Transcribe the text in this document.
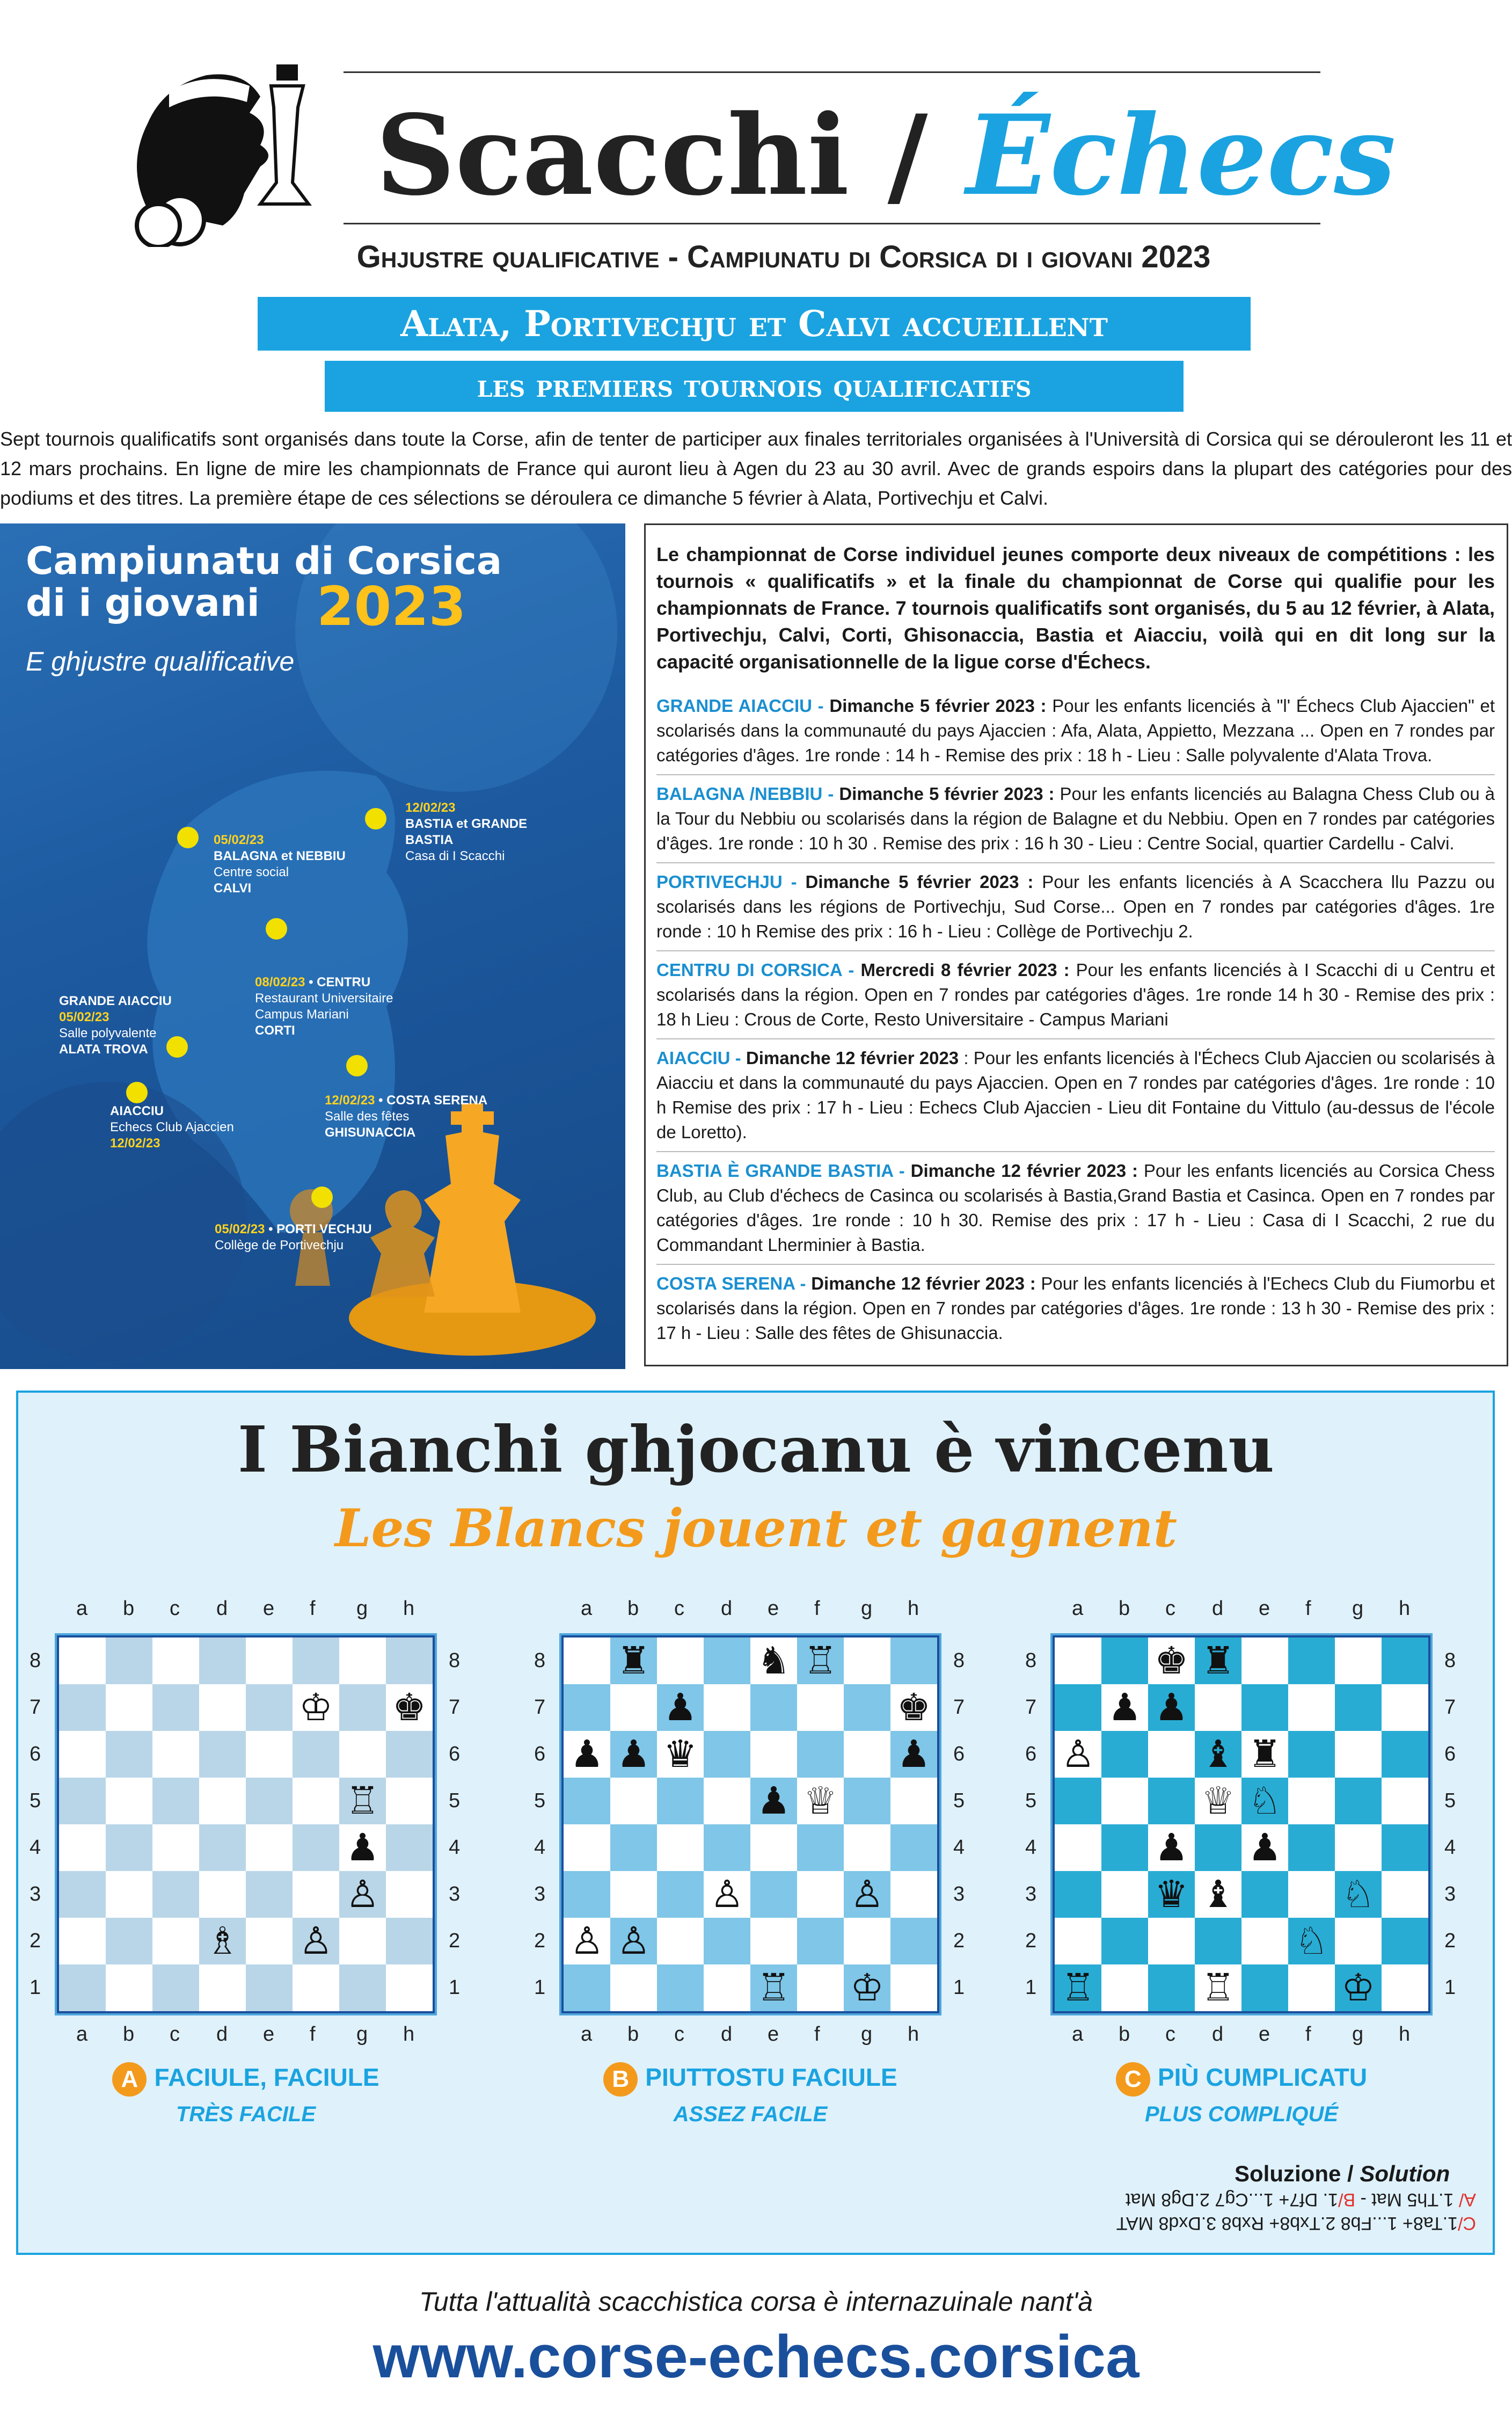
Scacchi / Échecs
Ghjustre qualificative - Campiunatu di Corsica di i giovani 2023
Alata, Portivechju et Calvi accueillent
les premiers tournois qualificatifs
Sept tournois qualificatifs sont organisés dans toute la Corse, afin de tenter de participer aux finales territoriales organisées à l'Università di Corsica qui se dérouleront les 11 et 12 mars prochains. En ligne de mire les championnats de France qui auront lieu à Agen du 23 au 30 avril. Avec de grands espoirs dans la plupart des catégories pour des podiums et des titres. La première étape de ces sélections se déroulera ce dimanche 5 février à Alata, Portivechju et Calvi.
Campiunatu di Corsica
di i giovani 2023
E ghjustre qualificative
12/02/23
BASTIA et GRANDE BASTIA
Casa di I Scacchi
05/02/23
BALAGNA et NEBBIU
Centre social
CALVI
08/02/23 • CENTRU
Restaurant Universitaire
Campus Mariani
CORTI
GRANDE AIACCIU
05/02/23
Salle polyvalente
ALATA TROVA
12/02/23 • COSTA SERENA
Salle des fêtes
GHISUNACCIA
AIACCIU
Echecs Club Ajaccien
12/02/23
05/02/23 • PORTI VECHJU
Collège de Portivechju
Le championnat de Corse individuel jeunes comporte deux niveaux de compétitions : les tournois « qualificatifs » et la finale du championnat de Corse qui qualifie pour les championnats de France. 7 tournois qualificatifs sont organisés, du 5 au 12 février, à Alata, Portivechju, Calvi, Corti, Ghisonaccia, Bastia et Aiacciu, voilà qui en dit long sur la capacité organisationnelle de la ligue corse d'Échecs.
GRANDE AIACCIU - Dimanche 5 février 2023 : Pour les enfants licenciés à "l' Échecs Club Ajaccien" et scolarisés dans la communauté du pays Ajaccien : Afa, Alata, Appietto, Mezzana ... Open en 7 rondes par catégories d'âges. 1re ronde : 14 h - Remise des prix : 18 h - Lieu : Salle polyvalente d'Alata Trova.
BALAGNA /NEBBIU - Dimanche 5 février 2023 : Pour les enfants licenciés au Balagna Chess Club ou à la Tour du Nebbiu ou scolarisés dans la région de Balagne et du Nebbiu. Open en 7 rondes par catégories d'âges. 1re ronde : 10 h 30 . Remise des prix : 16 h 30 - Lieu : Centre Social, quartier Cardellu - Calvi.
PORTIVECHJU - Dimanche 5 février 2023 : Pour les enfants licenciés à A Scacchera llu Pazzu ou scolarisés dans les régions de Portivechju, Sud Corse... Open en 7 rondes par catégories d'âges. 1re ronde : 10 h Remise des prix : 16 h - Lieu : Collège de Portivechju 2.
CENTRU DI CORSICA - Mercredi 8 février 2023 : Pour les enfants licenciés à I Scacchi di u Centru et scolarisés dans la région. Open en 7 rondes par catégories d'âges. 1re ronde 14 h 30 - Remise des prix : 18 h Lieu : Crous de Corte, Resto Universitaire - Campus Mariani
AIACCIU - Dimanche 12 février 2023 : Pour les enfants licenciés à l'Échecs Club Ajaccien ou scolarisés à Aiacciu et dans la communauté du pays Ajaccien. Open en 7 rondes par catégories d'âges. 1re ronde : 10 h Remise des prix : 17 h - Lieu : Echecs Club Ajaccien - Lieu dit Fontaine du Vittulo (au-dessus de l'école de Loretto).
BASTIA È GRANDE BASTIA - Dimanche 12 février 2023 : Pour les enfants licenciés au Corsica Chess Club, au Club d'échecs de Casinca ou scolarisés à Bastia,Grand Bastia et Casinca. Open en 7 rondes par catégories d'âges. 1re ronde : 10 h 30. Remise des prix : 17 h - Lieu : Casa di I Scacchi, 2 rue du Commandant Lherminier à Bastia.
COSTA SERENA - Dimanche 12 février 2023 : Pour les enfants licenciés à l'Echecs Club du Fiumorbu et scolarisés dans la région. Open en 7 rondes par catégories d'âges. 1re ronde : 13 h 30 - Remise des prix : 17 h - Lieu : Salle des fêtes de Ghisunaccia.
I Bianchi ghjocanu è vincenu
Les Blancs jouent et gagnent
♔ ♚
♖
♟
♙
♗ ♙
a b c d e f g h
a b c d e f g h
8
7
6
5
4
3
2
1
8
7
6
5
4
3
2
1
A FACIULE, FACIULE
TRÈS FACILE
♜	♞ ♖
♟	♚
♟ ♟ ♛	♟
♟ ♕
♙	♙
♙ ♙
♖ ♔
a b c d e f g h
a b c d e f g h
8
7
6
5
4
3
2
1
8
7
6
5
4
3
2
1
B PIUTTOSTU FACIULE
ASSEZ FACILE
♚ ♜
♟ ♟
♙	♝ ♜
♕ ♘
♟ ♟
♛ ♝	♘
♘
♖	♖	♔
a b c d e f g h
a b c d e f g h
8
7
6
5
4
3
2
1
8
7
6
5
4
3
2
1
C PIÙ CUMPLICATU
PLUS COMPLIQUÉ
Soluzione / Solution
C/1.Ta8+ 1...Fb8 2.Txb8+ Rxb8 3.Dxd8 MAT
A/ 1.Th5 Mat - B/1. Df7+ 1...Cg7 2.Dg8 Mat
Tutta l'attualità scacchistica corsa è internazuinale nant'à
www.corse-echecs.corsica
